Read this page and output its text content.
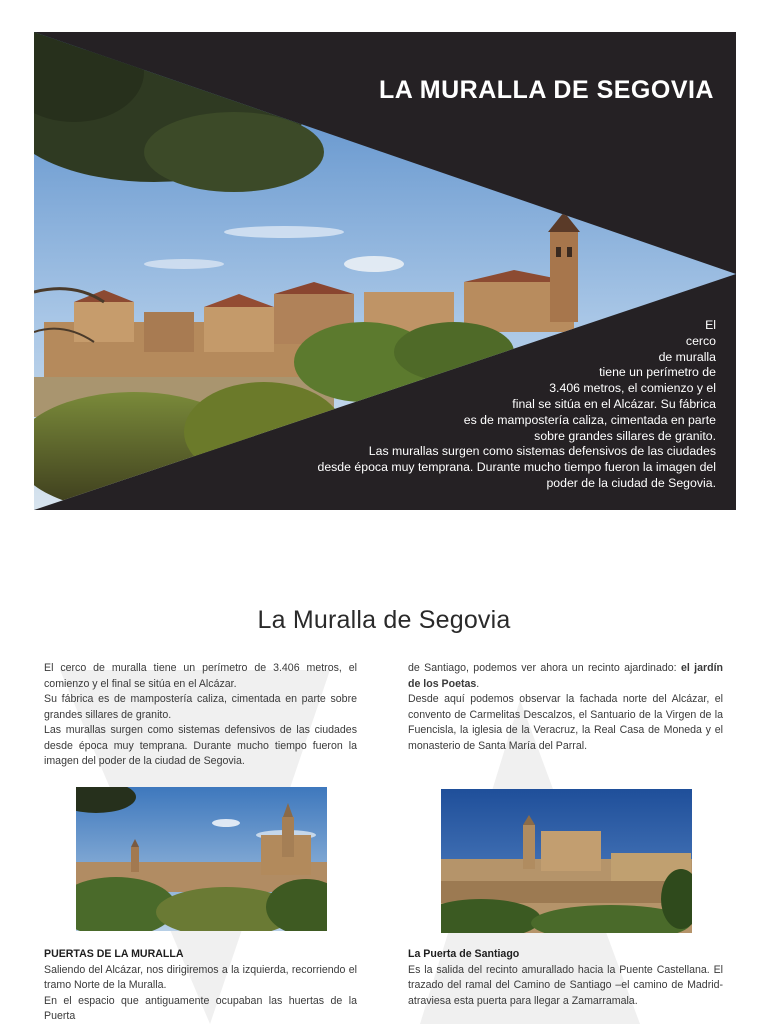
LA MURALLA DE SEGOVIA
El
cerco
de muralla
tiene un perímetro de
3.406 metros, el comienzo y el
final se sitúa en el Alcázar. Su fábrica
es de mampostería caliza, cimentada en parte
sobre grandes sillares de granito.
Las murallas surgen como sistemas defensivos de las ciudades
desde época muy temprana. Durante mucho tiempo fueron la imagen del
poder de la ciudad de Segovia.
La Muralla de Segovia

El cerco de muralla tiene un perímetro de 3.406 metros, el comienzo y el final se sitúa en el Alcázar.

Su fábrica es de mampostería caliza, cimentada en parte sobre grandes sillares de granito.

Las murallas surgen como sistemas defensivos de las ciudades desde época muy temprana. Durante mucho tiempo fueron la imagen del poder de la ciudad de Segovia.

de Santiago, podemos ver ahora un recinto ajardinado: el jardín de los Poetas.

Desde aquí podemos observar la fachada norte del Alcázar, el convento de Carmelitas Descalzos, el Santuario de la Virgen de la Fuencisla, la iglesia de la Veracruz, la Real Casa de Moneda y el monasterio de Santa María del Parral.

PUERTAS DE LA MURALLA

Saliendo del Alcázar, nos dirigiremos a la izquierda, recorriendo el tramo Norte de la Muralla.

En el espacio que antiguamente ocupaban las huertas de la Puerta

La Puerta de Santiago

Es la salida del recinto amurallado hacia la Puente Castellana. El trazado del ramal del Camino de Santiago –el camino de Madrid- atraviesa esta puerta para llegar a Zamarramala.
